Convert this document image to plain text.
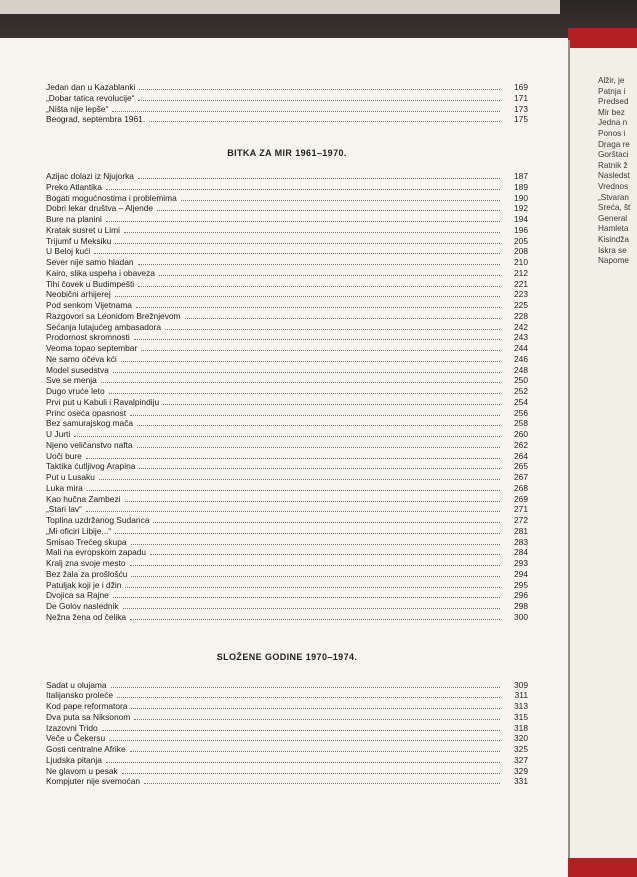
Alžir, je
Patnja i
Predsed
Mir bez
Jedna n
Ponos i
Draga re
Gorštaci
Ratnik ž
Nasledst
Vrednos
„Stvaran
Sreća, št
General
Hamleta
Kisindža
Iskra se
Napome
Jedan dan u Kazablanki	169
„Dobar tatica revolucije“	171
„Ništa nije lepše“	173
Beograd, septembra 1961.	175
BITKA ZA MIR 1961–1970.
Azijac dolazi iz Njujorka	187
Preko Atlantika	189
Bogati mogućnostima i problemima	190
Dobri lekar društva – Aljende	192
Bure na planini	194
Kratak susret u Limi	196
Trijumf u Meksiku	205
U Beloj kući	208
Sever nije samo hladan	210
Kairo, slika uspeha i obaveza	212
Tihi čovek u Budimpešti	221
Neobični arhijerej	223
Pod senkom Vijetnama	225
Razgovori sa Leonidom Brežnjevom	228
Sećanja lutajućeg ambasadora	242
Prodornost skromnosti	243
Veoma topao septembar	244
Ne samo očeva kći	246
Model susedstva	248
Sve se menja	250
Dugo vruće leto	252
Prvi put u Kabuli i Ravalpindiju	254
Princ oseća opasnost	256
Bez samurajskog mača	258
U Jurti	260
Njeno veličanstvo nafta	262
Uoči bure	264
Taktika ćutljivog Arapina	265
Put u Lusaku	267
Luka mira	268
Kao hučna Zambezi	269
„Stari lav“	271
Toplina uzdržanog Sudanca	272
„Mi oficiri Libije...“	281
Smisao Trećeg skupa	283
Mali na evropskom zapadu	284
Kralj zna svoje mesto	293
Bez žala za prošlošću	294
Patuljak koji je i džin	295
Dvojica sa Rajne	296
De Golov naslednik	298
Nežna žena od čelika	300
SLOŽENE GODINE 1970–1974.
Sadat u olujama	309
Italijansko proleće	311
Kod pape reformatora	313
Dva puta sa Niksonom	315
Izazovni Trido	318
Veče u Čekersu	320
Gosti centralne Afrike	325
Ljudska pitanja	327
Ne glavom u pesak	329
Kompjuter nije svemoćan	331
